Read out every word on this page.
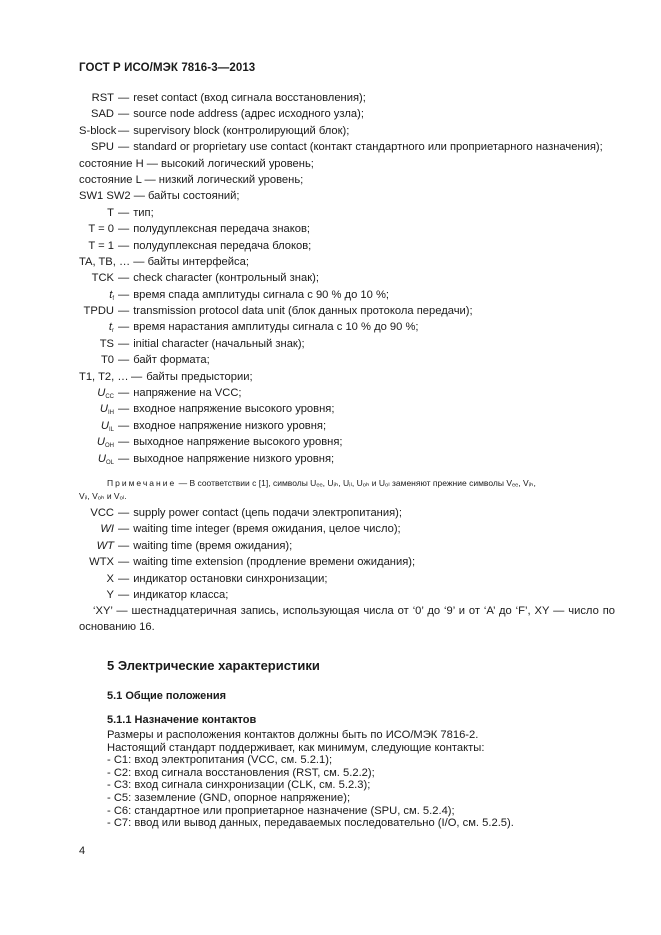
ГОСТ Р ИСО/МЭК 7816-3—2013
RST — reset contact (вход сигнала восстановления);
SAD — source node address (адрес исходного узла);
S-block — supervisory block (контролирующий блок);
SPU — standard or proprietary use contact (контакт стандартного или проприетарного назначения);
состояние H — высокий логический уровень;
состояние L — низкий логический уровень;
SW1 SW2 — байты состояний;
T — тип;
T = 0 — полудуплексная передача знаков;
T = 1 — полудуплексная передача блоков;
TA, TB, … — байты интерфейса;
TCK — check character (контрольный знак);
$t_f$ — время спада амплитуды сигнала с 90 % до 10 %;
TPDU — transmission protocol data unit (блок данных протокола передачи);
$t_r$ — время нарастания амплитуды сигнала с 10 % до 90 %;
TS — initial character (начальный знак);
T0 — байт формата;
T1, T2, … — байты предыстории;
$U_{CC}$ — напряжение на VCC;
$U_{IH}$ — входное напряжение высокого уровня;
$U_{IL}$ — входное напряжение низкого уровня;
$U_{OH}$ — выходное напряжение высокого уровня;
$U_{OL}$ — выходное напряжение низкого уровня;
Примечание — В соответствии с [1], символы Uₑₑ, Uᵢₕ, Uᵢₗ, Uₒₕ и Uₒₗ заменяют прежние символы Vₑₑ, Vᵢₕ,
Vᵢₗ, Vₒₕ и Vₒₗ.
VCC — supply power contact (цепь подачи электропитания);
WI — waiting time integer (время ожидания, целое число);
WT — waiting time (время ожидания);
WTX — waiting time extension (продление времени ожидания);
X — индикатор остановки синхронизации;
Y — индикатор класса;
‘XY’ — шестнадцатеричная запись, использующая числа от ‘0’ до ‘9’ и от ‘A’ до ‘F’, XY — число по основанию 16.
5 Электрические характеристики
5.1 Общие положения
5.1.1 Назначение контактов
Размеры и расположения контактов должны быть по ИСО/МЭК 7816-2.
Настоящий стандарт поддерживает, как минимум, следующие контакты:
- C1: вход электропитания (VCC, см. 5.2.1);
- C2: вход сигнала восстановления (RST, см. 5.2.2);
- C3: вход сигнала синхронизации (CLK, см. 5.2.3);
- C5: заземление (GND, опорное напряжение);
- C6: стандартное или проприетарное назначение (SPU, см. 5.2.4);
- C7: ввод или вывод данных, передаваемых последовательно (I/O, см. 5.2.5).
4
